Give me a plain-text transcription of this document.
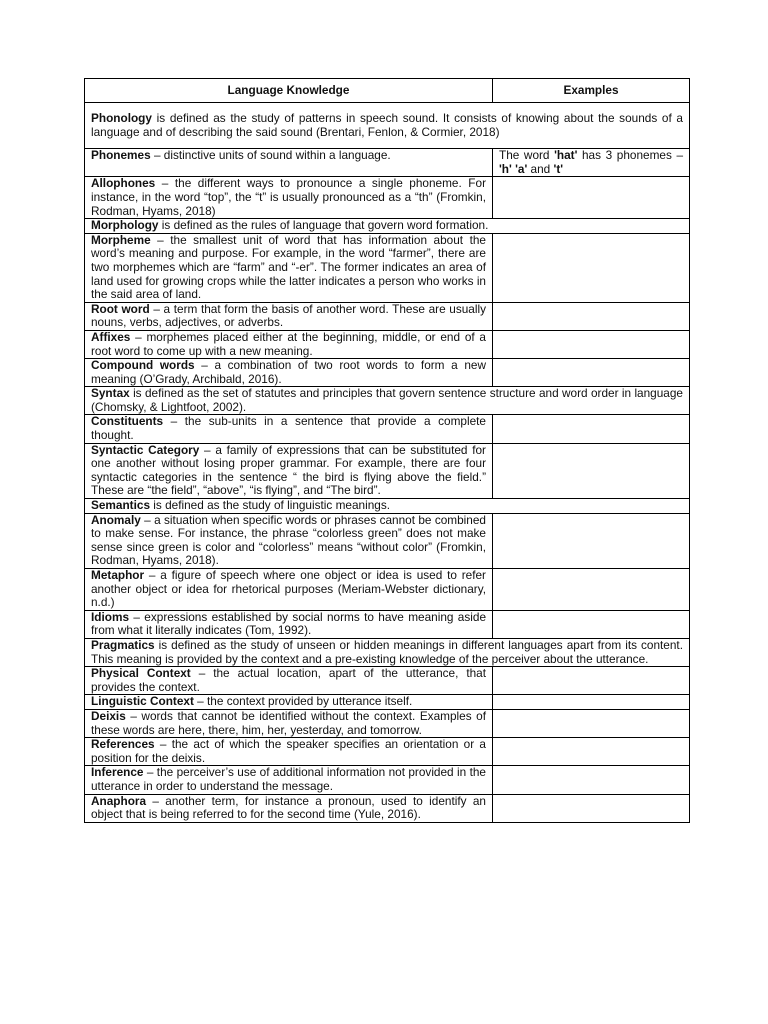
Language Knowledge	Examples
Phonology is defined as the study of patterns in speech sound. It consists of knowing about the sounds of a language and of describing the said sound (Brentari, Fenlon, & Cormier, 2018)	
Phonemes – distinctive units of sound within a language.	The word 'hat' has 3 phonemes – 'h' 'a' and 't'
Allophones – the different ways to pronounce a single phoneme. For instance, in the word “top”, the “t” is usually pronounced as a “th” (Fromkin, Rodman, Hyams, 2018)	
Morphology is defined as the rules of language that govern word formation.	
Morpheme – the smallest unit of word that has information about the word’s meaning and purpose. For example, in the word “farmer”, there are two morphemes which are “farm” and “-er”. The former indicates an area of land used for growing crops while the latter indicates a person who works in the said area of land.	
Root word – a term that form the basis of another word. These are usually nouns, verbs, adjectives, or adverbs.	
Affixes – morphemes placed either at the beginning, middle, or end of a root word to come up with a new meaning.	
Compound words – a combination of two root words to form a new meaning (O’Grady, Archibald, 2016).	
Syntax is defined as the set of statutes and principles that govern sentence structure and word order in language (Chomsky, & Lightfoot, 2002).	
Constituents – the sub-units in a sentence that provide a complete thought.	
Syntactic Category – a family of expressions that can be substituted for one another without losing proper grammar. For example, there are four syntactic categories in the sentence “ the bird is flying above the field.” These are “the field”, “above”, “is flying”, and “The bird”.	
Semantics is defined as the study of linguistic meanings.	
Anomaly – a situation when specific words or phrases cannot be combined to make sense. For instance, the phrase “colorless green” does not make sense since green is color and “colorless” means “without color” (Fromkin, Rodman, Hyams, 2018).	
Metaphor – a figure of speech where one object or idea is used to refer another object or idea for rhetorical purposes (Meriam-Webster dictionary, n.d.)	
Idioms – expressions established by social norms to have meaning aside from what it literally indicates (Tom, 1992).	
Pragmatics is defined as the study of unseen or hidden meanings in different languages apart from its content. This meaning is provided by the context and a pre-existing knowledge of the perceiver about the utterance.	
Physical Context – the actual location, apart of the utterance, that provides the context.	
Linguistic Context – the context provided by utterance itself.	
Deixis – words that cannot be identified without the context. Examples of these words are here, there, him, her, yesterday, and tomorrow.	
References – the act of which the speaker specifies an orientation or a position for the deixis.	
Inference – the perceiver’s use of additional information not provided in the utterance in order to understand the message.	
Anaphora – another term, for instance a pronoun, used to identify an object that is being referred to for the second time (Yule, 2016).	
